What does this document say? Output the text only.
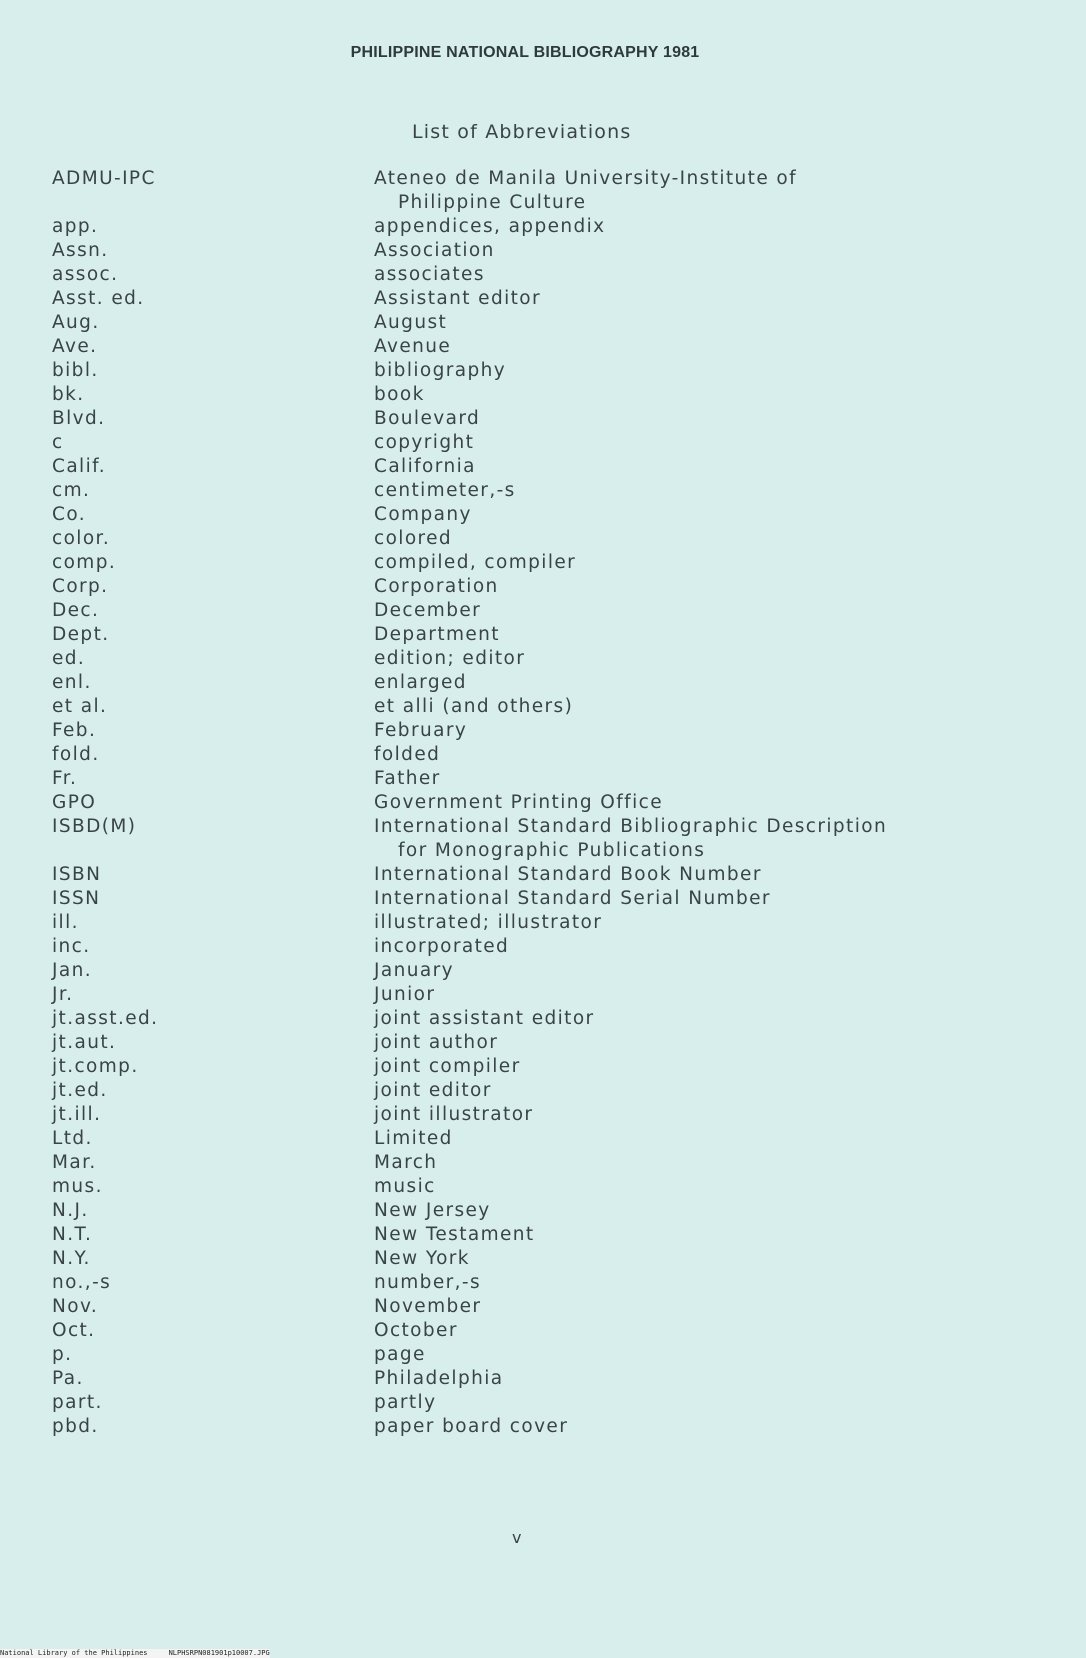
PHILIPPINE NATIONAL BIBLIOGRAPHY 1981
List of Abbreviations
ADMU-IPC	Ateneo de Manila University-Institute of
Philippine Culture
app.	appendices, appendix
Assn.	Association
assoc.	associates
Asst. ed.	Assistant editor
Aug.	August
Ave.	Avenue
bibl.	bibliography
bk.	book
Blvd.	Boulevard
c	copyright
Calif.	California
cm.	centimeter,-s
Co.	Company
color.	colored
comp.	compiled, compiler
Corp.	Corporation
Dec.	December
Dept.	Department
ed.	edition; editor
enl.	enlarged
et al.	et alli (and others)
Feb.	February
fold.	folded
Fr.	Father
GPO	Government Printing Office
ISBD(M)	International Standard Bibliographic Description
for Monographic Publications
ISBN	International Standard Book Number
ISSN	International Standard Serial Number
ill.	illustrated; illustrator
inc.	incorporated
Jan.	January
Jr.	Junior
jt.asst.ed.	joint assistant editor
jt.aut.	joint author
jt.comp.	joint compiler
jt.ed.	joint editor
jt.ill.	joint illustrator
Ltd.	Limited
Mar.	March
mus.	music
N.J.	New Jersey
N.T.	New Testament
N.Y.	New York
no.,-s	number,-s
Nov.	November
Oct.	October
p.	page
Pa.	Philadelphia
part.	partly
pbd.	paper board cover
v
National Library of the Philippines     NLPHSRPN081901p10007.JPG
